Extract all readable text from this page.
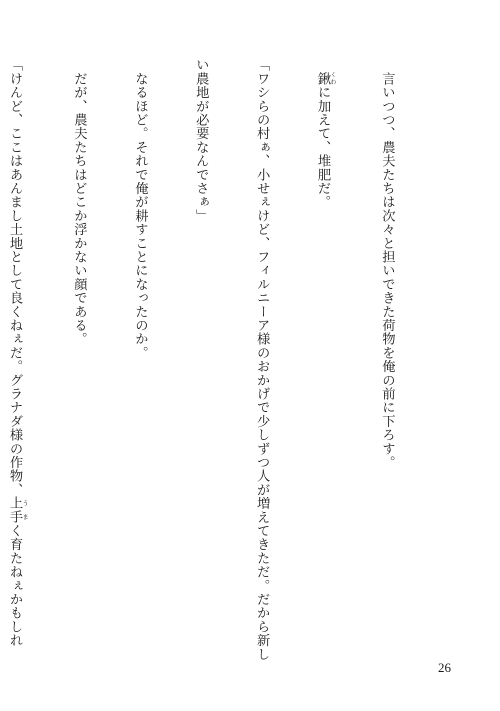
　言いつつ、農夫たちは次々と担いできた荷物を俺の前に下ろす。

　鍬 くわに加えて、堆肥だ。

「ワシらの村ぁ、小せぇけど、フィルニーア様のおかげで少しずつ人が増えてきただ。だから新し

い農地が必要なんでさぁ」

　なるほど。それで俺が耕すことになったのか。

　だが、農夫たちはどこか浮かない顔である。

「けんど、ここはあんまし土地として良くねぇだ。グラナダ様の作物、上手 うまく育たねぇかもしれ

26
